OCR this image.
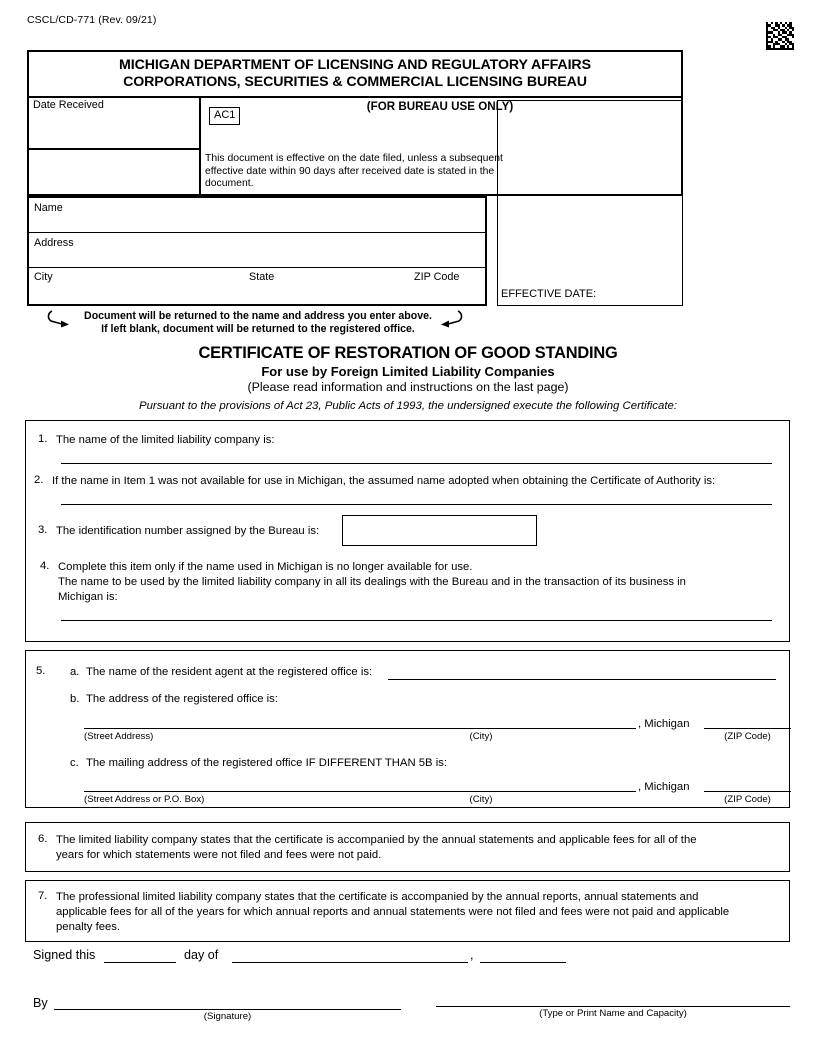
CSCL/CD-771 (Rev. 09/21)
MICHIGAN DEPARTMENT OF LICENSING AND REGULATORY AFFAIRS
CORPORATIONS, SECURITIES & COMMERCIAL LICENSING BUREAU
Date Received	(FOR BUREAU USE ONLY)
AC1
This document is effective on the date filed, unless a subsequent effective date within 90 days after received date is stated in the document.
Name
Address
City	State	ZIP Code
EFFECTIVE DATE:
Document will be returned to the name and address you enter above.
If left blank, document will be returned to the registered office.
CERTIFICATE OF RESTORATION OF GOOD STANDING
For use by Foreign Limited Liability Companies
(Please read information and instructions on the last page)
Pursuant to the provisions of Act 23, Public Acts of 1993, the undersigned execute the following Certificate:
1. The name of the limited liability company is:
2. If the name in Item 1 was not available for use in Michigan, the assumed name adopted when obtaining the Certificate of Authority is:
3. The identification number assigned by the Bureau is:
4. Complete this item only if the name used in Michigan is no longer available for use.
The name to be used by the limited liability company in all its dealings with the Bureau and in the transaction of its business in
Michigan is:
5. a. The name of the resident agent at the registered office is:
b. The address of the registered office is:
, Michigan
(Street Address)	(City)	(ZIP Code)
c. The mailing address of the registered office IF DIFFERENT THAN 5B is:
, Michigan
(Street Address or P.O. Box)	(City)	(ZIP Code)
6. The limited liability company states that the certificate is accompanied by the annual statements and applicable fees for all of the
years for which statements were not filed and fees were not paid.
7. The professional limited liability company states that the certificate is accompanied by the annual reports, annual statements and
applicable fees for all of the years for which annual reports and annual statements were not filed and fees were not paid and applicable
penalty fees.
Signed this	day of	,
By
(Signature)	(Type or Print Name and Capacity)
